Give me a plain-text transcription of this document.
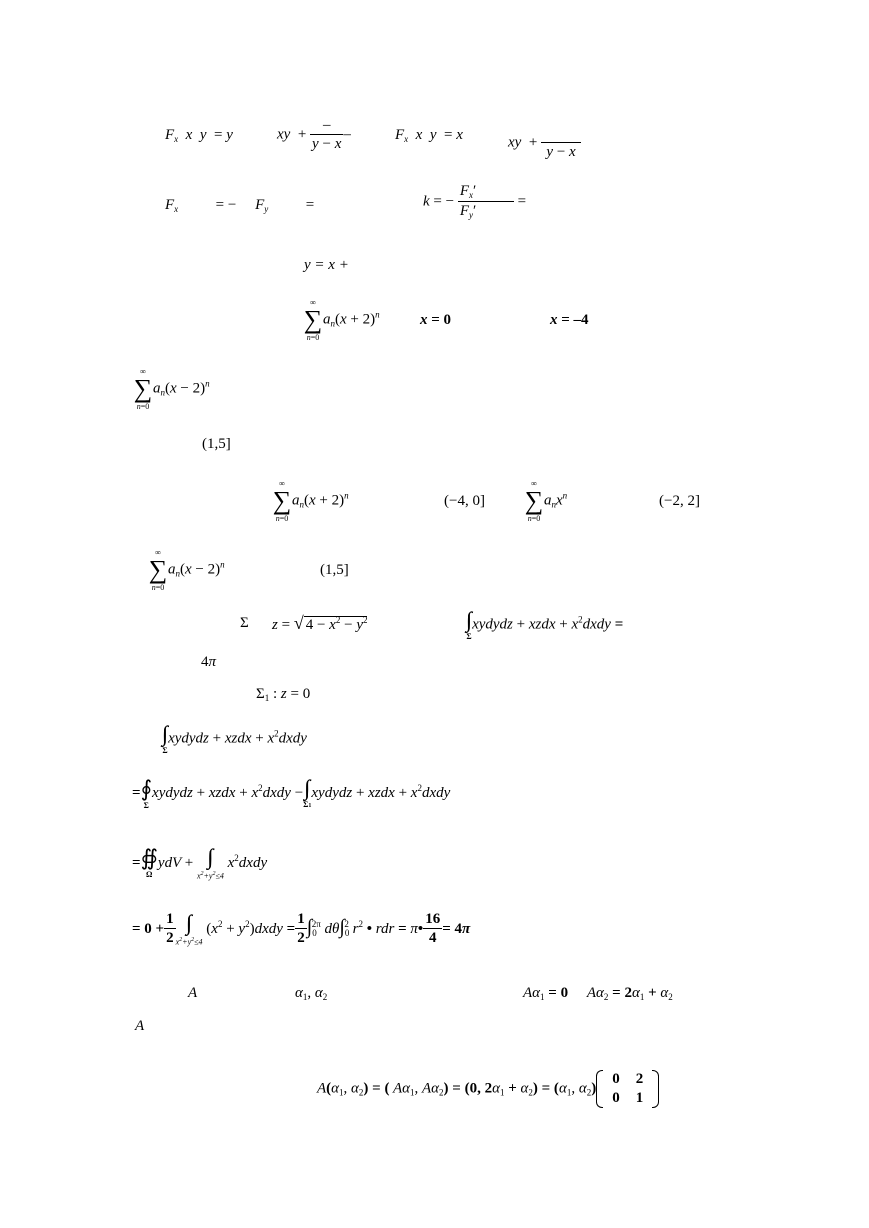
$F_x$  x  y  = y	xy  + $\frac{-}{y - x}$ –	$F_x$  x  y  = x	xy  +

y − x
$F_x$	= −     $F_y$	=	k = − $\frac{F_x'}{F_y'}$ =
y = x +
∞
∑
n=0
$a_n(x + 2)^n$	x = 0	x = –4
∞
∑
n=0
$a_n(x - 2)^n$
(1,5]
∞
∑
n=0
$a_n(x + 2)^n$	(−4, 0]
∞
∑
n=0
$a_nx^n$	(−2, 2]
∞
∑
n=0
$a_n(x - 2)^n$	(1,5]
Σ z = √ $4 - x^2 - y^2$	∫∫
Σ
xydydz + xzdx + $x^2dxdy$ =
4π
$\Sigma_1$ : z = 0
∫∫
Σ
xydydz + xzdx + $x^2dxdy$
= ∮
Σ
xydydz + xzdx + $x^2dxdy$ − ∫∫
Σ1
xydydz + xzdx + $x^2dxdy$
= ∯
Ω
ydV + ∫∫
$x^2+y^2\le 4$
$x^2dxdy$
= $0 + \frac{1}{2}$ ∫∫
$x^2+y^2\le 4$
($x^2$ + $y^2)dxdy = \frac{1}{2} \int_0^{2\pi}$ $d\theta\int_0^2$ $r^2$ • rdr = π• $\frac{16}{4} = 4\pi$
A	$\alpha_1$, $\alpha_2$	$A\alpha_1 = 0$     $A\alpha_2 = 2\alpha_1 + \alpha_2$
A
$A(\alpha_1$, $\alpha_2$) = ( $A\alpha_1$, $A\alpha_2) = (0$, $2\alpha_1 + \alpha_2) = (\alpha_1$, $\alpha_2$)
0	2
0	1
